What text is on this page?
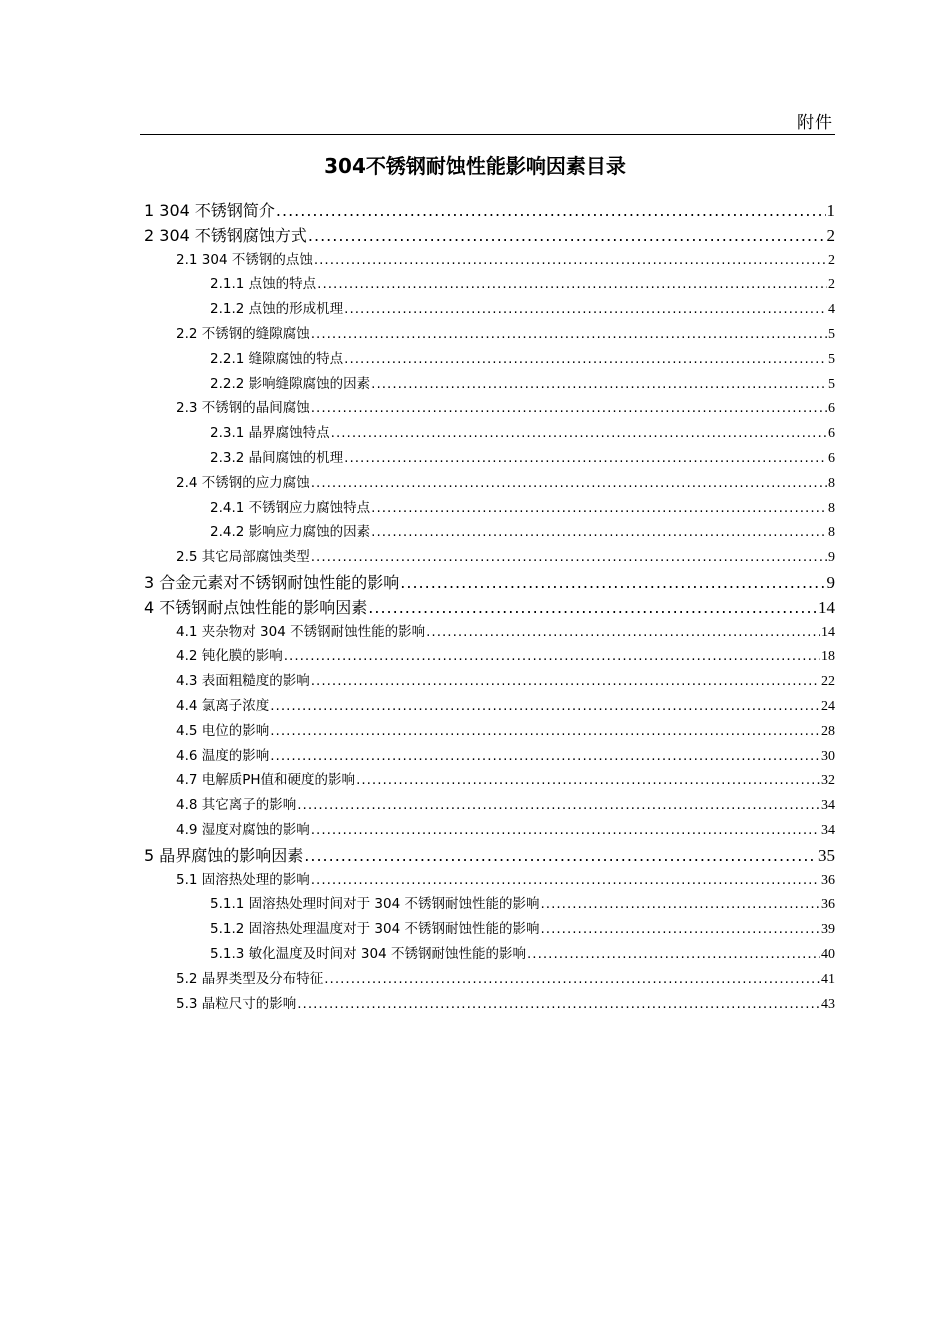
附件
304不锈钢耐蚀性能影响因素目录
1 304 不锈钢简介 .....	1
2 304 不锈钢腐蚀方式 .....	2
2.1 304 不锈钢的点蚀 .....	2
2.1.1 点蚀的特点 .....	2
2.1.2 点蚀的形成机理 .....	4
2.2 不锈钢的缝隙腐蚀 .....	5
2.2.1 缝隙腐蚀的特点 .....	5
2.2.2 影响缝隙腐蚀的因素 .....	5
2.3 不锈钢的晶间腐蚀 .....	6
2.3.1 晶界腐蚀特点 .....	6
2.3.2 晶间腐蚀的机理 .....	6
2.4 不锈钢的应力腐蚀 .....	8
2.4.1 不锈钢应力腐蚀特点 .....	8
2.4.2 影响应力腐蚀的因素 .....	8
2.5 其它局部腐蚀类型 .....	9
3 合金元素对不锈钢耐蚀性能的影响 .....	9
4 不锈钢耐点蚀性能的影响因素 .....	14
4.1 夹杂物对 304 不锈钢耐蚀性能的影响 .....	14
4.2 钝化膜的影响 .....	18
4.3 表面粗糙度的影响 .....	22
4.4 氯离子浓度 .....	24
4.5 电位的影响 .....	28
4.6 温度的影响 .....	30
4.7 电解质PH值和硬度的影响 .....	32
4.8 其它离子的影响 .....	34
4.9 湿度对腐蚀的影响 .....	34
5 晶界腐蚀的影响因素 .....	35
5.1 固溶热处理的影响 .....	36
5.1.1 固溶热处理时间对于 304 不锈钢耐蚀性能的影响 .....	36
5.1.2 固溶热处理温度对于 304 不锈钢耐蚀性能的影响 .....	39
5.1.3 敏化温度及时间对 304 不锈钢耐蚀性能的影响 .....	40
5.2 晶界类型及分布特征 .....	41
5.3 晶粒尺寸的影响 .....	43
